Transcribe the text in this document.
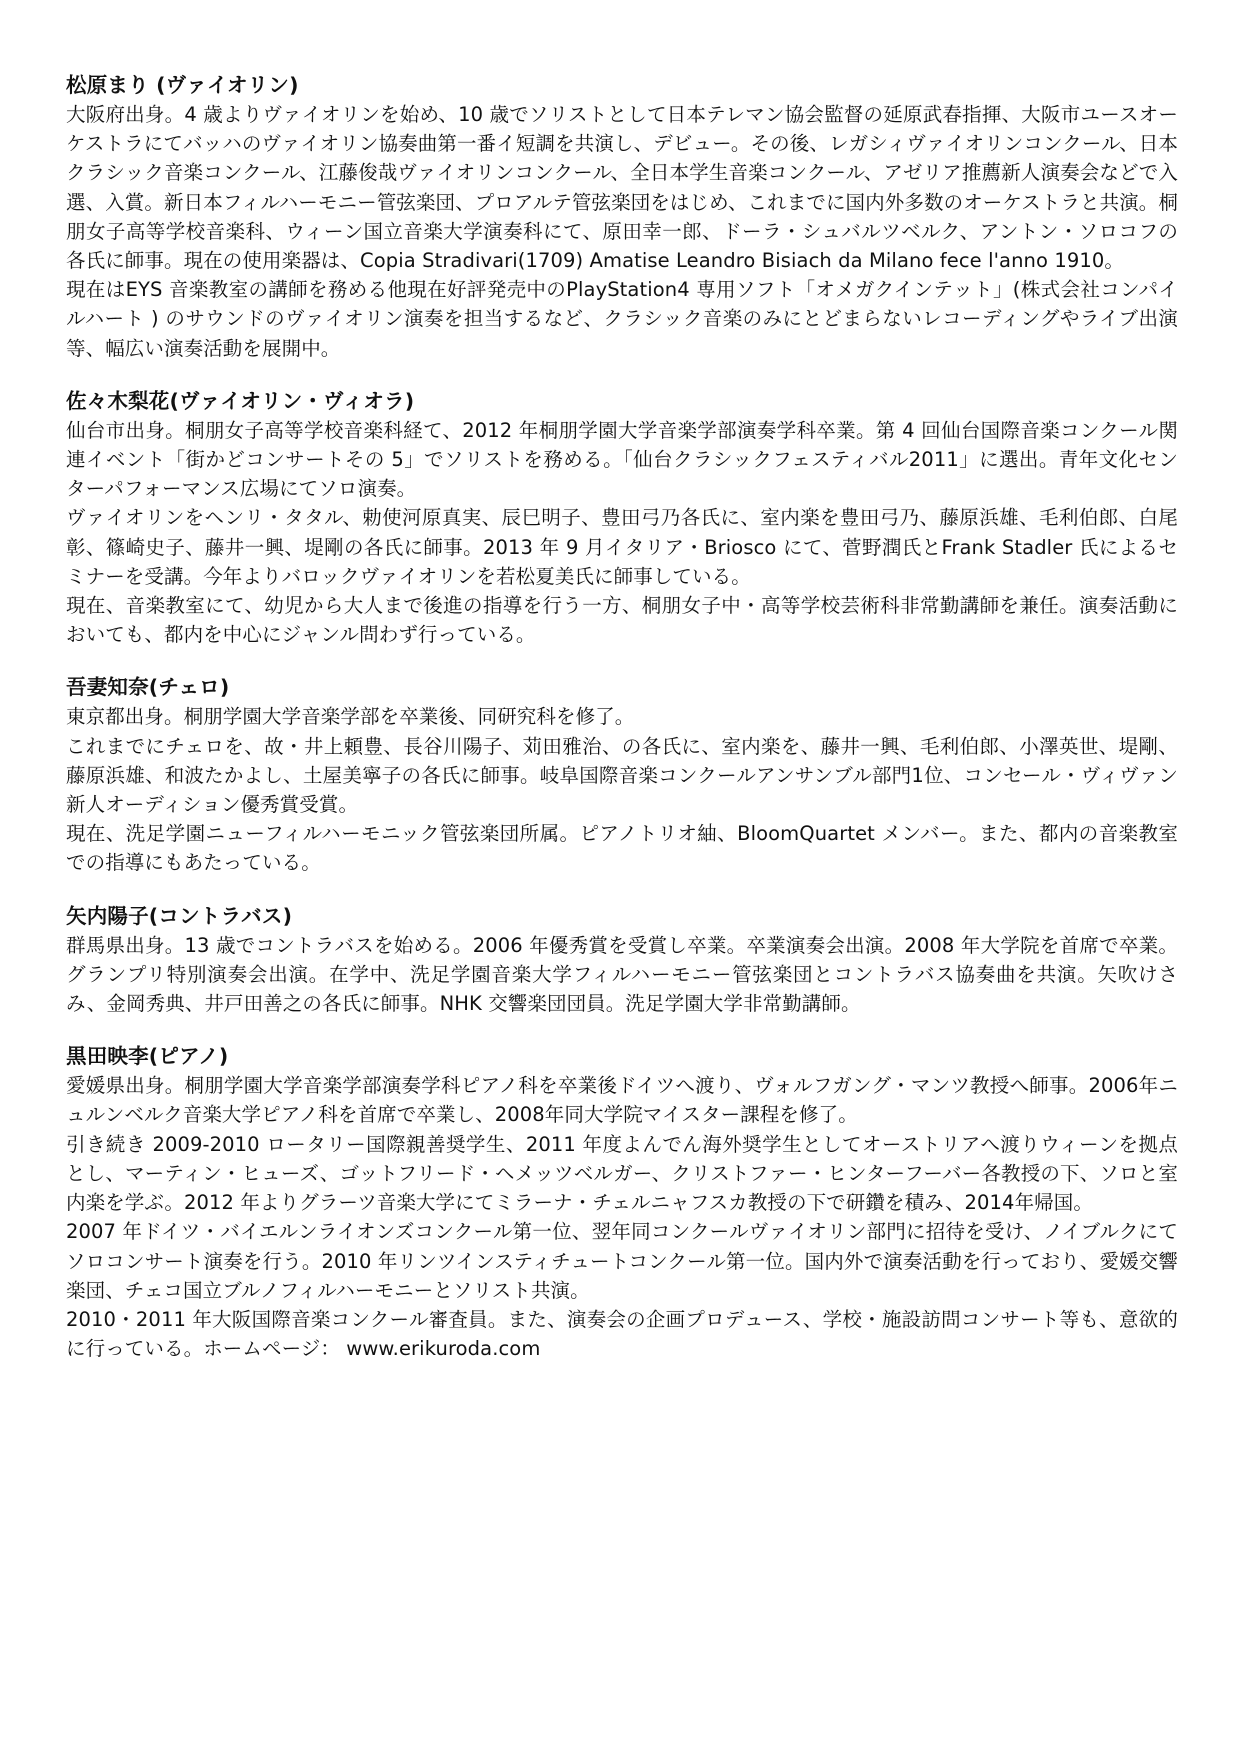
松原まり (ヴァイオリン)

大阪府出身。4 歳よりヴァイオリンを始め、10 歳でソリストとして日本テレマン協会監督の延原武春指揮、大阪市ユースオーケストラにてバッハのヴァイオリン協奏曲第一番イ短調を共演し、デビュー。その後、レガシィヴァイオリンコンクール、日本クラシック音楽コンクール、江藤俊哉ヴァイオリンコンクール、全日本学生音楽コンクール、アゼリア推薦新人演奏会などで入選、入賞。新日本フィルハーモニー管弦楽団、プロアルテ管弦楽団をはじめ、これまでに国内外多数のオーケストラと共演。桐朋女子高等学校音楽科、ウィーン国立音楽大学演奏科にて、原田幸一郎、ドーラ・シュバルツベルク、アントン・ソロコフの各氏に師事。現在の使用楽器は、Copia Stradivari(1709) Amatise Leandro Bisiach da Milano fece l'anno 1910。

現在はEYS 音楽教室の講師を務める他現在好評発売中のPlayStation4 専用ソフト「オメガクインテット」(株式会社コンパイルハート ) のサウンドのヴァイオリン演奏を担当するなど、クラシック音楽のみにとどまらないレコーディングやライブ出演等、幅広い演奏活動を展開中。

佐々木梨花(ヴァイオリン・ヴィオラ)

仙台市出身。桐朋女子高等学校音楽科経て、2012 年桐朋学園大学音楽学部演奏学科卒業。第 4 回仙台国際音楽コンクール関連イベント「街かどコンサートその 5」でソリストを務める。「仙台クラシックフェスティバル2011」に選出。青年文化センターパフォーマンス広場にてソロ演奏。

ヴァイオリンをヘンリ・タタル、勅使河原真実、辰巳明子、豊田弓乃各氏に、室内楽を豊田弓乃、藤原浜雄、毛利伯郎、白尾彰、篠崎史子、藤井一興、堤剛の各氏に師事。2013 年 9 月イタリア・Briosco にて、菅野潤氏とFrank Stadler 氏によるセミナーを受講。今年よりバロックヴァイオリンを若松夏美氏に師事している。

現在、音楽教室にて、幼児から大人まで後進の指導を行う一方、桐朋女子中・高等学校芸術科非常勤講師を兼任。演奏活動においても、都内を中心にジャンル問わず行っている。

吾妻知奈(チェロ)

東京都出身。桐朋学園大学音楽学部を卒業後、同研究科を修了。

これまでにチェロを、故・井上頼豊、長谷川陽子、苅田雅治、の各氏に、室内楽を、藤井一興、毛利伯郎、小澤英世、堤剛、藤原浜雄、和波たかよし、土屋美寧子の各氏に師事。岐阜国際音楽コンクールアンサンブル部門1位、コンセール・ヴィヴァン新人オーディション優秀賞受賞。

現在、洗足学園ニューフィルハーモニック管弦楽団所属。ピアノトリオ紬、BloomQuartet メンバー。また、都内の音楽教室での指導にもあたっている。

矢内陽子(コントラバス)

群馬県出身。13 歳でコントラバスを始める。2006 年優秀賞を受賞し卒業。卒業演奏会出演。2008 年大学院を首席で卒業。グランプリ特別演奏会出演。在学中、洗足学園音楽大学フィルハーモニー管弦楽団とコントラバス協奏曲を共演。矢吹けさみ、金岡秀典、井戸田善之の各氏に師事。NHK 交響楽団団員。洗足学園大学非常勤講師。

黒田映李(ピアノ)

愛媛県出身。桐朋学園大学音楽学部演奏学科ピアノ科を卒業後ドイツへ渡り、ヴォルフガング・マンツ教授へ師事。2006年ニュルンベルク音楽大学ピアノ科を首席で卒業し、2008年同大学院マイスター課程を修了。

引き続き 2009-2010 ロータリー国際親善奨学生、2011 年度よんでん海外奨学生としてオーストリアへ渡りウィーンを拠点とし、マーティン・ヒューズ、ゴットフリード・ヘメッツベルガー、クリストファー・ヒンターフーバー各教授の下、ソロと室内楽を学ぶ。2012 年よりグラーツ音楽大学にてミラーナ・チェルニャフスカ教授の下で研鑽を積み、2014年帰国。

2007 年ドイツ・バイエルンライオンズコンクール第一位、翌年同コンクールヴァイオリン部門に招待を受け、ノイブルクにてソロコンサート演奏を行う。2010 年リンツインスティチュートコンクール第一位。国内外で演奏活動を行っており、愛媛交響楽団、チェコ国立ブルノフィルハーモニーとソリスト共演。

2010・2011 年大阪国際音楽コンクール審査員。また、演奏会の企画プロデュース、学校・施設訪問コンサート等も、意欲的に行っている。ホームページ： www.erikuroda.com
